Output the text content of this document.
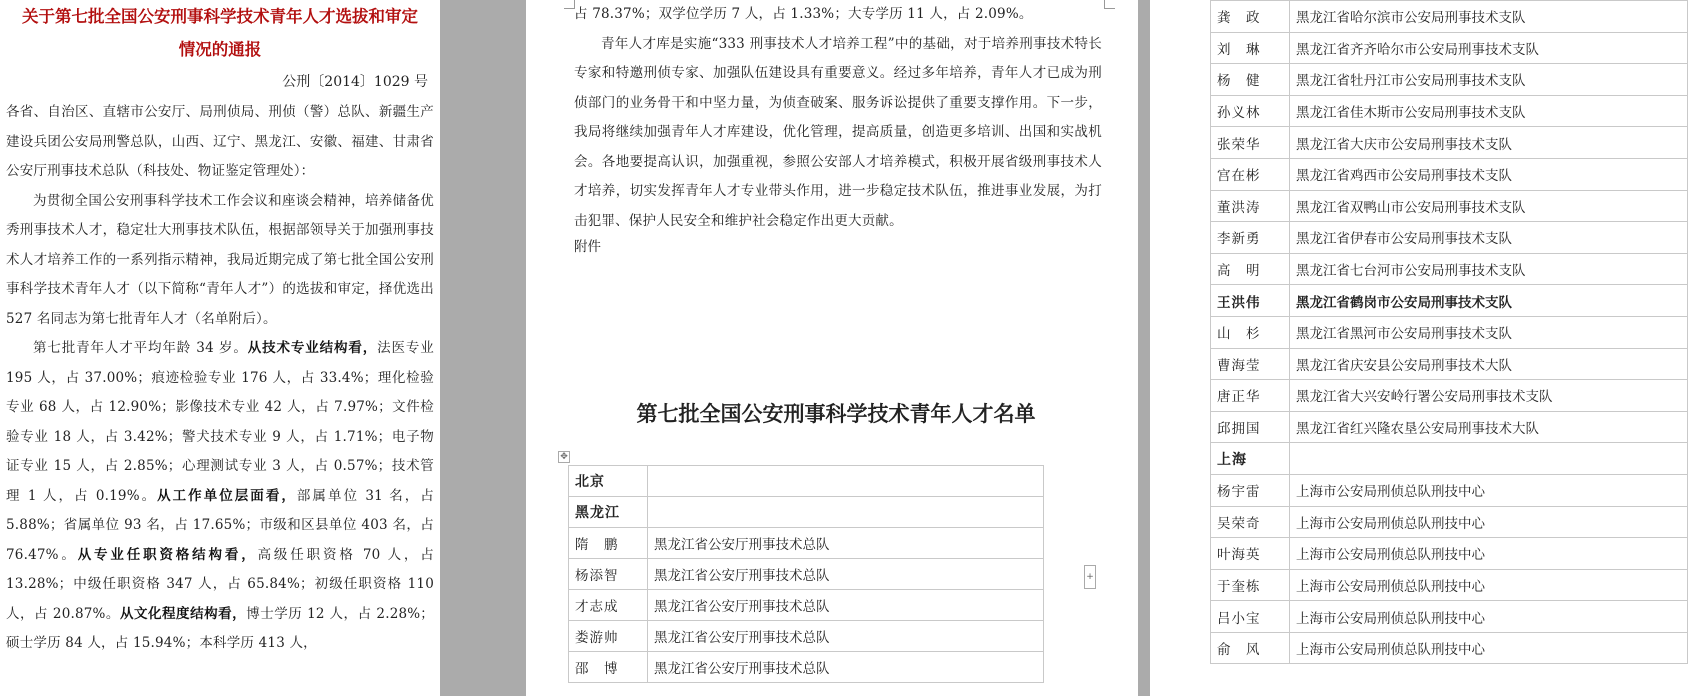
关于第七批全国公安刑事科学技术青年人才选拔和审定
情况的通报

公刑〔2014〕1029 号

各省、自治区、直辖市公安厅、局刑侦局、刑侦（警）总队、新疆生产建设兵团公安局刑警总队，山西、辽宁、黑龙江、安徽、福建、甘肃省公安厅刑事技术总队（科技处、物证鉴定管理处）：

为贯彻全国公安刑事科学技术工作会议和座谈会精神，培养储备优秀刑事技术人才，稳定壮大刑事技术队伍，根据部领导关于加强刑事技术人才培养工作的一系列指示精神，我局近期完成了第七批全国公安刑事科学技术青年人才（以下简称“青年人才”）的选拔和审定，择优选出 527 名同志为第七批青年人才（名单附后）。

第七批青年人才平均年龄 34 岁。从技术专业结构看，法医专业 195 人，占 37.00%；痕迹检验专业 176 人，占 33.4%；理化检验专业 68 人，占 12.90%；影像技术专业 42 人，占 7.97%；文件检验专业 18 人，占 3.42%；警犬技术专业 9 人，占 1.71%；电子物证专业 15 人，占 2.85%；心理测试专业 3 人，占 0.57%；技术管理 1 人，占 0.19%。从工作单位层面看，部属单位 31 名，占 5.88%；省属单位 93 名，占 17.65%；市级和区县单位 403 名，占 76.47%。从专业任职资格结构看，高级任职资格 70 人，占 13.28%；中级任职资格 347 人，占 65.84%；初级任职资格 110 人，占 20.87%。从文化程度结构看，博士学历 12 人，占 2.28%；硕士学历 84 人，占 15.94%；本科学历 413 人，

占 78.37%；双学位学历 7 人，占 1.33%；大专学历 11 人，占 2.09%。

青年人才库是实施“333 刑事技术人才培养工程”中的基础，对于培养刑事技术特长专家和特邀刑侦专家、加强队伍建设具有重要意义。经过多年培养，青年人才已成为刑侦部门的业务骨干和中坚力量，为侦查破案、服务诉讼提供了重要支撑作用。下一步，我局将继续加强青年人才库建设，优化管理，提高质量，创造更多培训、出国和实战机会。各地要提高认识，加强重视，参照公安部人才培养模式，积极开展省级刑事技术人才培养，切实发挥青年人才专业带头作用，进一步稳定技术队伍，推进事业发展，为打击犯罪、保护人民安全和维护社会稳定作出更大贡献。

附件

第七批全国公安刑事科学技术青年人才名单
✥
北京	
黑龙江	
隋　鹏	黑龙江省公安厅刑事技术总队
杨添智	黑龙江省公安厅刑事技术总队
才志成	黑龙江省公安厅刑事技术总队
娄游帅	黑龙江省公安厅刑事技术总队
邵　博	黑龙江省公安厅刑事技术总队
+
龚　政	黑龙江省哈尔滨市公安局刑事技术支队
刘　琳	黑龙江省齐齐哈尔市公安局刑事技术支队
杨　健	黑龙江省牡丹江市公安局刑事技术支队
孙义林	黑龙江省佳木斯市公安局刑事技术支队
张荣华	黑龙江省大庆市公安局刑事技术支队
宫在彬	黑龙江省鸡西市公安局刑事技术支队
董洪涛	黑龙江省双鸭山市公安局刑事技术支队
李新勇	黑龙江省伊春市公安局刑事技术支队
高　明	黑龙江省七台河市公安局刑事技术支队
王洪伟	黑龙江省鹤岗市公安局刑事技术支队
山　杉	黑龙江省黑河市公安局刑事技术支队
曹海莹	黑龙江省庆安县公安局刑事技术大队
唐正华	黑龙江省大兴安岭行署公安局刑事技术支队
邱拥国	黑龙江省红兴隆农垦公安局刑事技术大队
上海	
杨宇雷	上海市公安局刑侦总队刑技中心
吴荣奇	上海市公安局刑侦总队刑技中心
叶海英	上海市公安局刑侦总队刑技中心
于奎栋	上海市公安局刑侦总队刑技中心
吕小宝	上海市公安局刑侦总队刑技中心
俞　风	上海市公安局刑侦总队刑技中心
